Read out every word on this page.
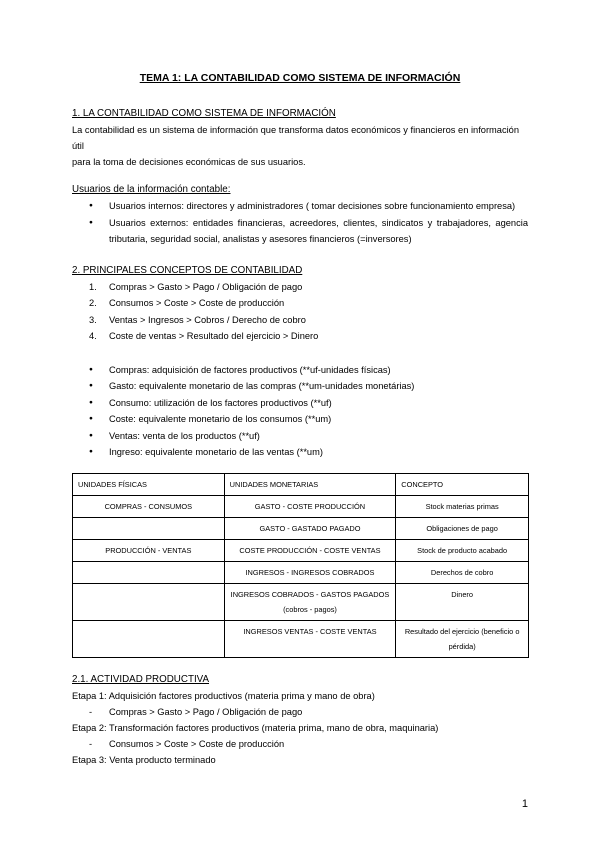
TEMA 1: LA CONTABILIDAD COMO SISTEMA DE INFORMACIÓN
1. LA CONTABILIDAD COMO SISTEMA DE INFORMACIÓN

La contabilidad es un sistema de información que transforma datos económicos y financieros en información útil
para la toma de decisiones económicas de sus usuarios.

Usuarios de la información contable:
● Usuarios internos: directores y administradores ( tomar decisiones sobre funcionamiento empresa)
● Usuarios externos: entidades financieras, acreedores, clientes, sindicatos y trabajadores, agencia tributaria, seguridad social, analistas y asesores financieros (=inversores)
2. PRINCIPALES CONCEPTOS DE CONTABILIDAD
1. Compras > Gasto > Pago / Obligación de pago
2. Consumos > Coste > Coste de producción
3. Ventas > Ingresos > Cobros / Derecho de cobro
4. Coste de ventas > Resultado del ejercicio > Dinero
● Compras: adquisición de factores productivos (**uf-unidades físicas)
● Gasto: equivalente monetario de las compras (**um-unidades monetárias)
● Consumo: utilización de los factores productivos (**uf)
● Coste: equivalente monetario de los consumos (**um)
● Ventas: venta de los productos (**uf)
● Ingreso: equivalente monetario de las ventas (**um)
UNIDADES FÍSICAS	UNIDADES MONETARIAS	CONCEPTO
COMPRAS - CONSUMOS	GASTO - COSTE PRODUCCIÓN	Stock materias primas
	GASTO - GASTADO PAGADO	Obligaciones de pago
PRODUCCIÓN - VENTAS	COSTE PRODUCCIÓN - COSTE VENTAS	Stock de producto acabado
	INGRESOS - INGRESOS COBRADOS	Derechos de cobro
	INGRESOS COBRADOS - GASTOS PAGADOS (cobros - pagos)	Dinero
	INGRESOS VENTAS - COSTE VENTAS	Resultado del ejercicio (beneficio o pérdida)
2.1. ACTIVIDAD PRODUCTIVA

Etapa 1: Adquisición factores productivos (materia prima y mano de obra)

- Compras > Gasto > Pago / Obligación de pago

Etapa 2: Transformación factores productivos (materia prima, mano de obra, maquinaria)

- Consumos > Coste > Coste de producción

Etapa 3: Venta producto terminado

1
